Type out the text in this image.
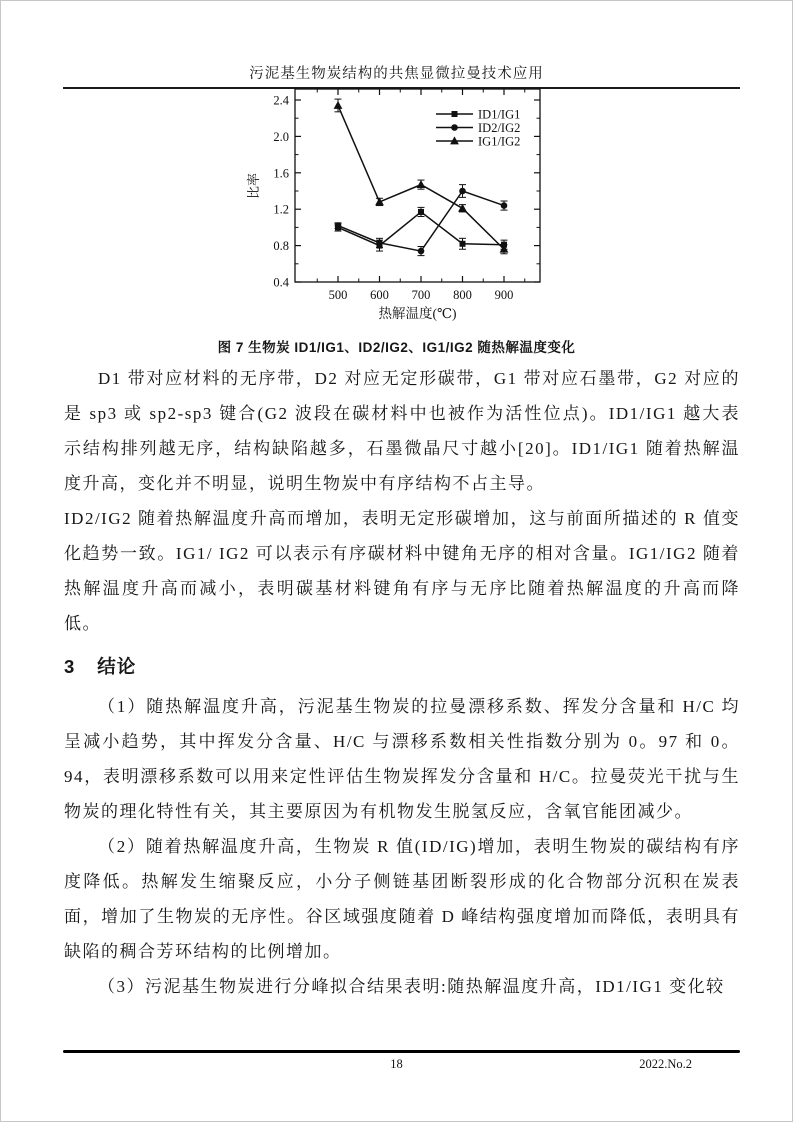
污泥基生物炭结构的共焦显微拉曼技术应用
0.4
0.8
1.2
1.6
2.0
2.4
500 600 700 800 900
比率
热解温度(℃)
ID1/IG1
ID2/IG2
IG1/IG2
图 7 生物炭 ID1/IG1、ID2/IG2、IG1/IG2 随热解温度变化

D1 带对应材料的无序带，D2 对应无定形碳带，G1 带对应石墨带，G2 对应的是 sp3 或 sp2-sp3 键合(G2 波段在碳材料中也被作为活性位点)。ID1/IG1 越大表示结构排列越无序，结构缺陷越多，石墨微晶尺寸越小[20]。ID1/IG1 随着热解温度升高，变化并不明显，说明生物炭中有序结构不占主导。

ID2/IG2 随着热解温度升高而增加，表明无定形碳增加，这与前面所描述的 R 值变化趋势一致。IG1/ IG2 可以表示有序碳材料中键角无序的相对含量。IG1/IG2 随着热解温度升高而减小，表明碳基材料键角有序与无序比随着热解温度的升高而降低。

3 结论

（1）随热解温度升高，污泥基生物炭的拉曼漂移系数、挥发分含量和 H/C 均呈减小趋势，其中挥发分含量、H/C 与漂移系数相关性指数分别为 0。97 和 0。94，表明漂移系数可以用来定性评估生物炭挥发分含量和 H/C。拉曼荧光干扰与生物炭的理化特性有关，其主要原因为有机物发生脱氢反应，含氧官能团减少。

（2）随着热解温度升高，生物炭 R 值(ID/IG)增加，表明生物炭的碳结构有序度降低。热解发生缩聚反应，小分子侧链基团断裂形成的化合物部分沉积在炭表面，增加了生物炭的无序性。谷区域强度随着 D 峰结构强度增加而降低，表明具有缺陷的稠合芳环结构的比例增加。

（3）污泥基生物炭进行分峰拟合结果表明:随热解温度升高，ID1/IG1 变化较

18	2022.No.2
